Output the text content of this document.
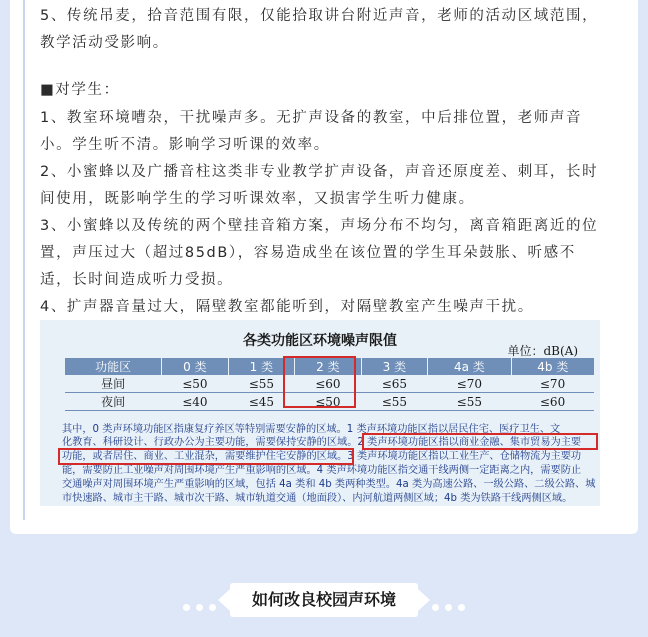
5、传统吊麦，拾音范围有限，仅能拾取讲台附近声音，老师的活动区域范围，
教学活动受影响。
■对学生：
1、教室环境嘈杂，干扰噪声多。无扩声设备的教室，中后排位置，老师声音
小。学生听不清。影响学习听课的效率。
2、小蜜蜂以及广播音柱这类非专业教学扩声设备，声音还原度差、刺耳，长时
间使用，既影响学生的学习听课效率，又损害学生听力健康。
3、小蜜蜂以及传统的两个壁挂音箱方案，声场分布不均匀，离音箱距离近的位
置，声压过大（超过85dB），容易造成坐在该位置的学生耳朵鼓胀、听感不
适，长时间造成听力受损。
4、扩声器音量过大，隔壁教室都能听到，对隔壁教室产生噪声干扰。
各类功能区环境噪声限值
单位：dB(A)
功能区	0 类	1 类	2 类	3 类	4a 类	4b 类
昼间	≤50	≤55	≤60	≤65	≤70	≤70
夜间	≤40	≤45	≤50	≤55	≤55	≤60
其中，0 类声环境功能区指康复疗养区等特别需要安静的区域。1 类声环境功能区指以居民住宅、医疗卫生、文
化教育、科研设计、行政办公为主要功能，需要保持安静的区域。2 类声环境功能区指以商业金融、集市贸易为主要
功能，或者居住、商业、工业混杂，需要维护住宅安静的区域。3 类声环境功能区指以工业生产、仓储物流为主要功
能，需要防止工业噪声对周围环境产生严重影响的区域。4 类声环境功能区指交通干线两侧一定距离之内，需要防止
交通噪声对周围环境产生严重影响的区域，包括 4a 类和 4b 类两种类型。4a 类为高速公路、一级公路、二级公路、城
市快速路、城市主干路、城市次干路、城市轨道交通（地面段）、内河航道两侧区域；4b 类为铁路干线两侧区域。
如何改良校园声环境
